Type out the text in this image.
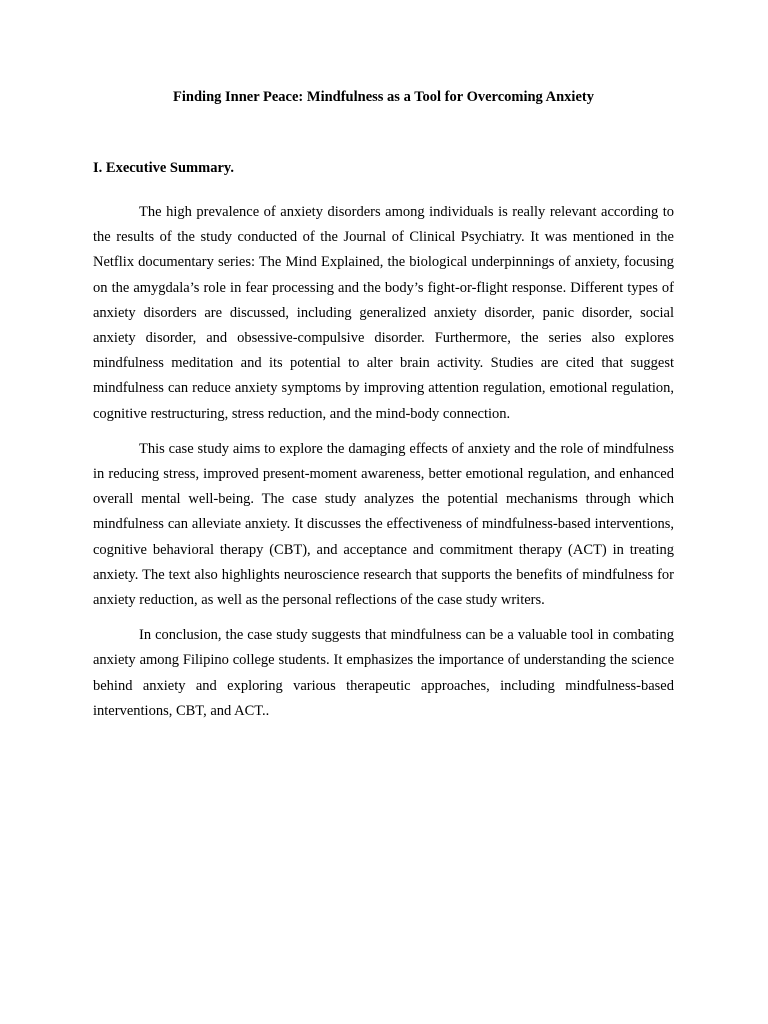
Finding Inner Peace: Mindfulness as a Tool for Overcoming Anxiety
I. Executive Summary.

The high prevalence of anxiety disorders among individuals is really relevant according to the results of the study conducted of the Journal of Clinical Psychiatry. It was mentioned in the Netflix documentary series: The Mind Explained, the biological underpinnings of anxiety, focusing on the amygdala’s role in fear processing and the body’s fight-or-flight response. Different types of anxiety disorders are discussed, including generalized anxiety disorder, panic disorder, social anxiety disorder, and obsessive-compulsive disorder. Furthermore, the series also explores mindfulness meditation and its potential to alter brain activity. Studies are cited that suggest mindfulness can reduce anxiety symptoms by improving attention regulation, emotional regulation, cognitive restructuring, stress reduction, and the mind-body connection.

This case study aims to explore the damaging effects of anxiety and the role of mindfulness in reducing stress, improved present-moment awareness, better emotional regulation, and enhanced overall mental well-being. The case study analyzes the potential mechanisms through which mindfulness can alleviate anxiety. It discusses the effectiveness of mindfulness-based interventions, cognitive behavioral therapy (CBT), and acceptance and commitment therapy (ACT) in treating anxiety. The text also highlights neuroscience research that supports the benefits of mindfulness for anxiety reduction, as well as the personal reflections of the case study writers.

In conclusion, the case study suggests that mindfulness can be a valuable tool in combating anxiety among Filipino college students. It emphasizes the importance of understanding the science behind anxiety and exploring various therapeutic approaches, including mindfulness-based interventions, CBT, and ACT..
